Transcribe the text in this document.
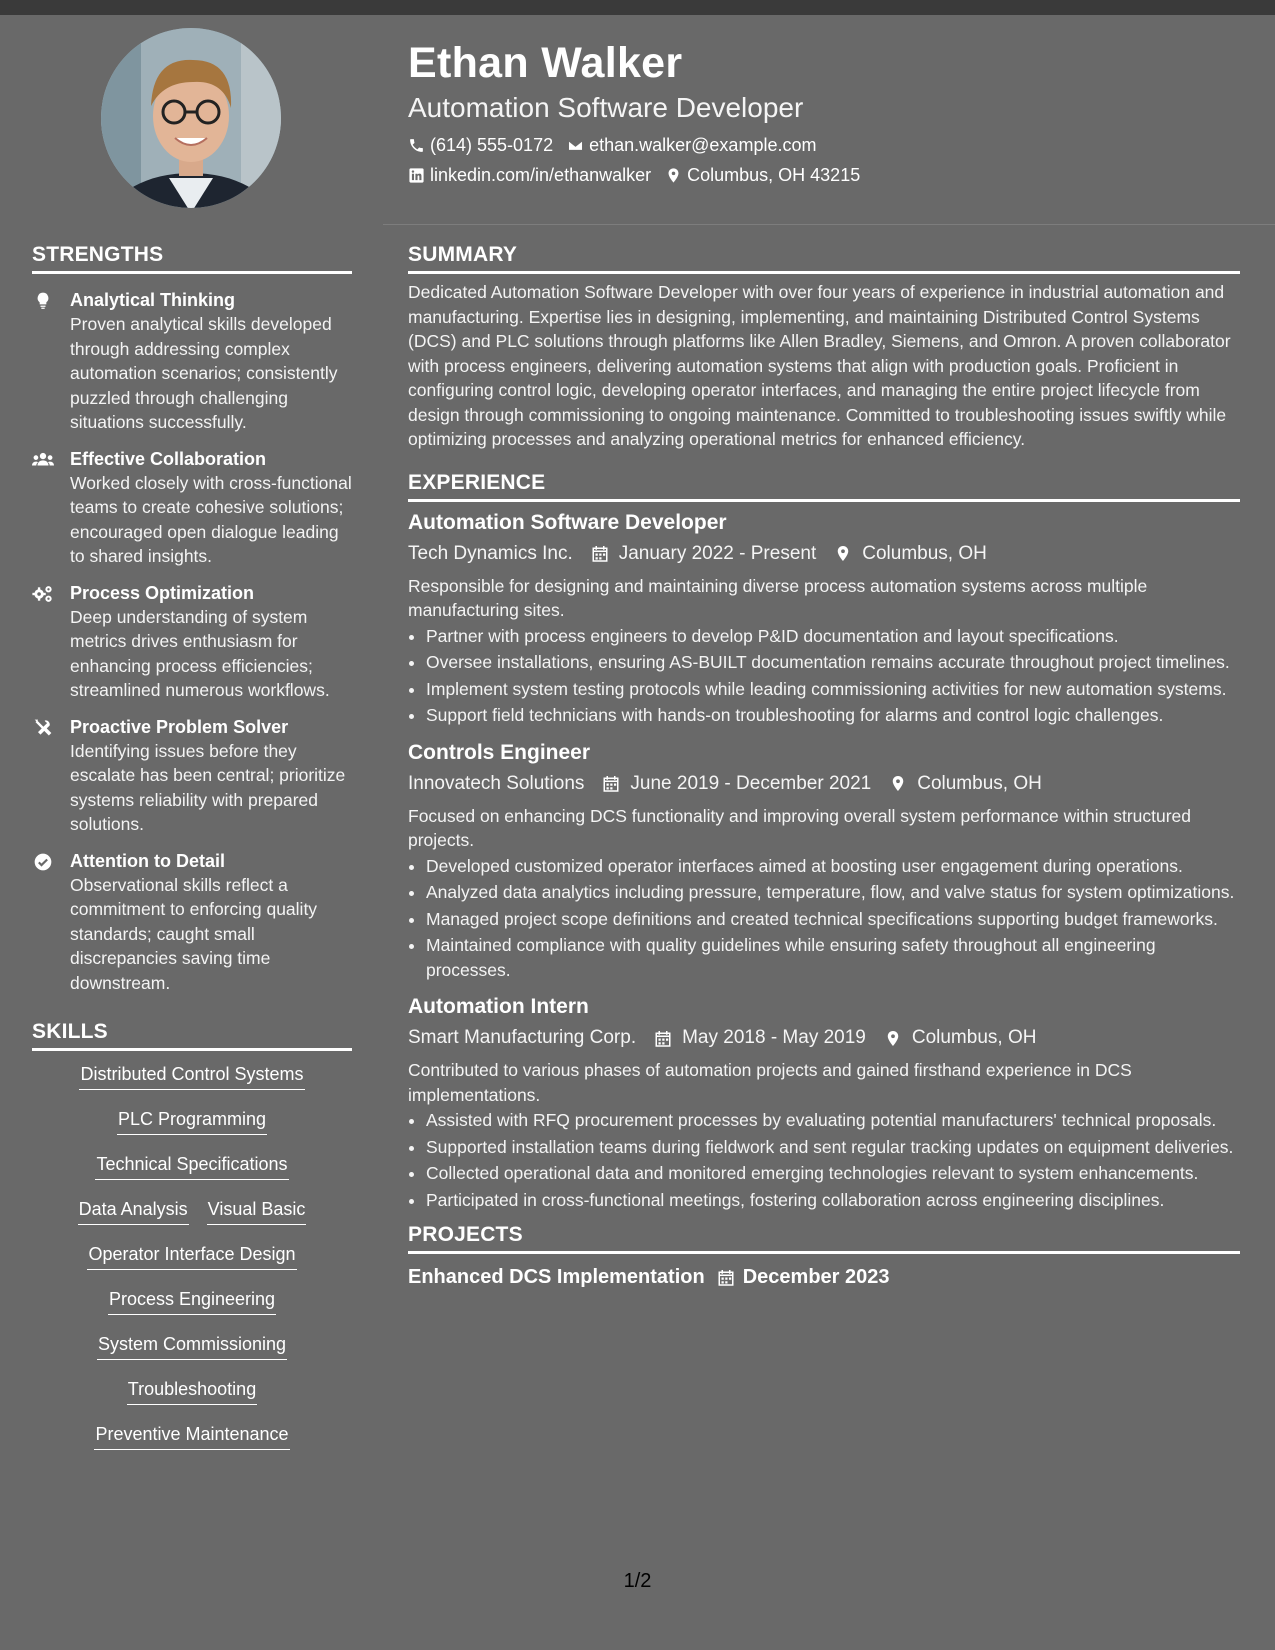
Ethan Walker
Automation Software Developer
(614) 555-0172 ethan.walker@example.com
linkedin.com/in/ethanwalker Columbus, OH 43215
STRENGTHS
Analytical Thinking
Proven analytical skills developed through addressing complex automation scenarios; consistently puzzled through challenging situations successfully.
Effective Collaboration
Worked closely with cross-functional teams to create cohesive solutions; encouraged open dialogue leading to shared insights.
Process Optimization
Deep understanding of system metrics drives enthusiasm for enhancing process efficiencies; streamlined numerous workflows.
Proactive Problem Solver
Identifying issues before they escalate has been central; prioritize systems reliability with prepared solutions.
Attention to Detail
Observational skills reflect a commitment to enforcing quality standards; caught small discrepancies saving time downstream.
SKILLS
Distributed Control Systems
PLC Programming
Technical Specifications
Data Analysis Visual Basic
Operator Interface Design
Process Engineering
System Commissioning
Troubleshooting
Preventive Maintenance
SUMMARY
Dedicated Automation Software Developer with over four years of experience in industrial automation and manufacturing. Expertise lies in designing, implementing, and maintaining Distributed Control Systems (DCS) and PLC solutions through platforms like Allen Bradley, Siemens, and Omron. A proven collaborator with process engineers, delivering automation systems that align with production goals. Proficient in configuring control logic, developing operator interfaces, and managing the entire project lifecycle from design through commissioning to ongoing maintenance. Committed to troubleshooting issues swiftly while optimizing processes and analyzing operational metrics for enhanced efficiency.
EXPERIENCE
Automation Software Developer
Tech Dynamics Inc. January 2022 - Present Columbus, OH
Responsible for designing and maintaining diverse process automation systems across multiple manufacturing sites.
• Partner with process engineers to develop P&ID documentation and layout specifications.
• Oversee installations, ensuring AS-BUILT documentation remains accurate throughout project timelines.
• Implement system testing protocols while leading commissioning activities for new automation systems.
• Support field technicians with hands-on troubleshooting for alarms and control logic challenges.
Controls Engineer
Innovatech Solutions June 2019 - December 2021 Columbus, OH
Focused on enhancing DCS functionality and improving overall system performance within structured projects.
• Developed customized operator interfaces aimed at boosting user engagement during operations.
• Analyzed data analytics including pressure, temperature, flow, and valve status for system optimizations.
• Managed project scope definitions and created technical specifications supporting budget frameworks.
• Maintained compliance with quality guidelines while ensuring safety throughout all engineering processes.
Automation Intern
Smart Manufacturing Corp. May 2018 - May 2019 Columbus, OH
Contributed to various phases of automation projects and gained firsthand experience in DCS implementations.
• Assisted with RFQ procurement processes by evaluating potential manufacturers' technical proposals.
• Supported installation teams during fieldwork and sent regular tracking updates on equipment deliveries.
• Collected operational data and monitored emerging technologies relevant to system enhancements.
• Participated in cross-functional meetings, fostering collaboration across engineering disciplines.
PROJECTS
Enhanced DCS Implementation December 2023
1/2
